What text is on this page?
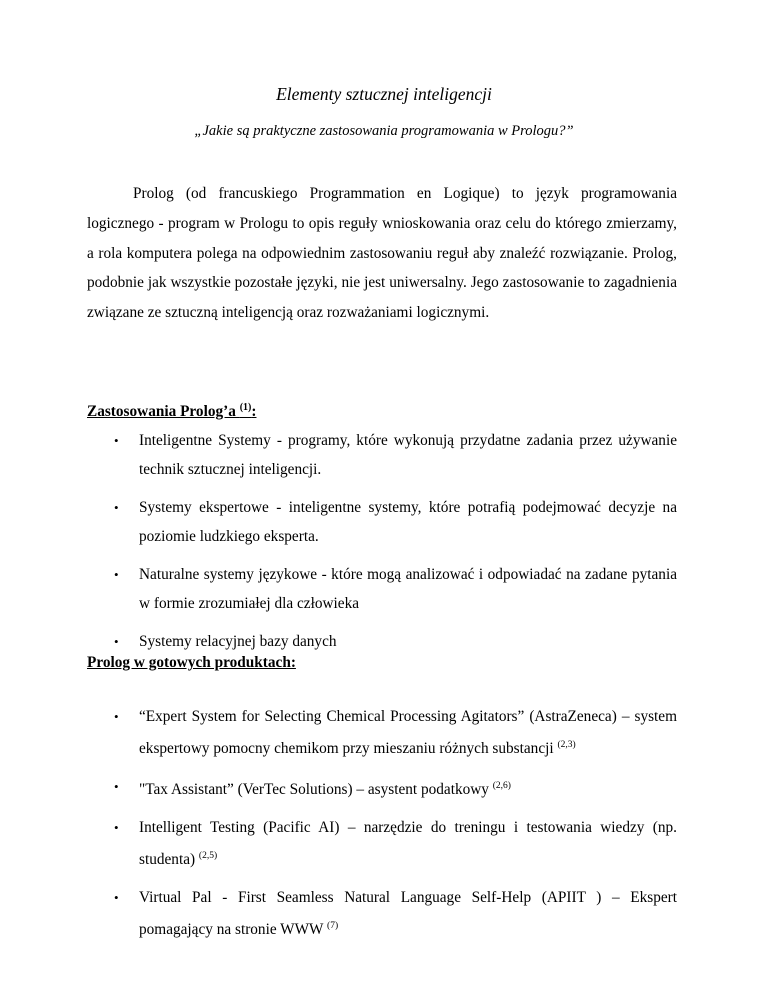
Elementy sztucznej inteligencji
„Jakie są praktyczne zastosowania programowania w Prologu?”

Prolog (od francuskiego Programmation en Logique) to język programowania logicznego - program w Prologu to opis reguły wnioskowania oraz celu do którego zmierzamy, a rola komputera polega na odpowiednim zastosowaniu reguł aby znaleźć rozwiązanie. Prolog, podobnie jak wszystkie pozostałe języki, nie jest uniwersalny. Jego zastosowanie to zagadnienia związane ze sztuczną inteligencją oraz rozważaniami logicznymi.

Zastosowania Prolog’a $^{(1)}$:
• Inteligentne Systemy - programy, które wykonują przydatne zadania przez używanie technik sztucznej inteligencji.
• Systemy ekspertowe - inteligentne systemy, które potrafią podejmować decyzje na poziomie ludzkiego eksperta.
• Naturalne systemy językowe - które mogą analizować i odpowiadać na zadane pytania w formie zrozumiałej dla człowieka
• Systemy relacyjnej bazy danych
Prolog w gotowych produktach:
• “Expert System for Selecting Chemical Processing Agitators” (AstraZeneca) – system ekspertowy pomocny chemikom przy mieszaniu różnych substancji $^{(2,3)}$
• "Tax Assistant” (VerTec Solutions) – asystent podatkowy $^{(2,6)}$
• Intelligent Testing (Pacific AI) – narzędzie do treningu i testowania wiedzy (np. studenta) $^{(2,5)}$
• Virtual Pal - First Seamless Natural Language Self-Help (APIIT ) – Ekspert pomagający na stronie WWW $^{(7)}$
